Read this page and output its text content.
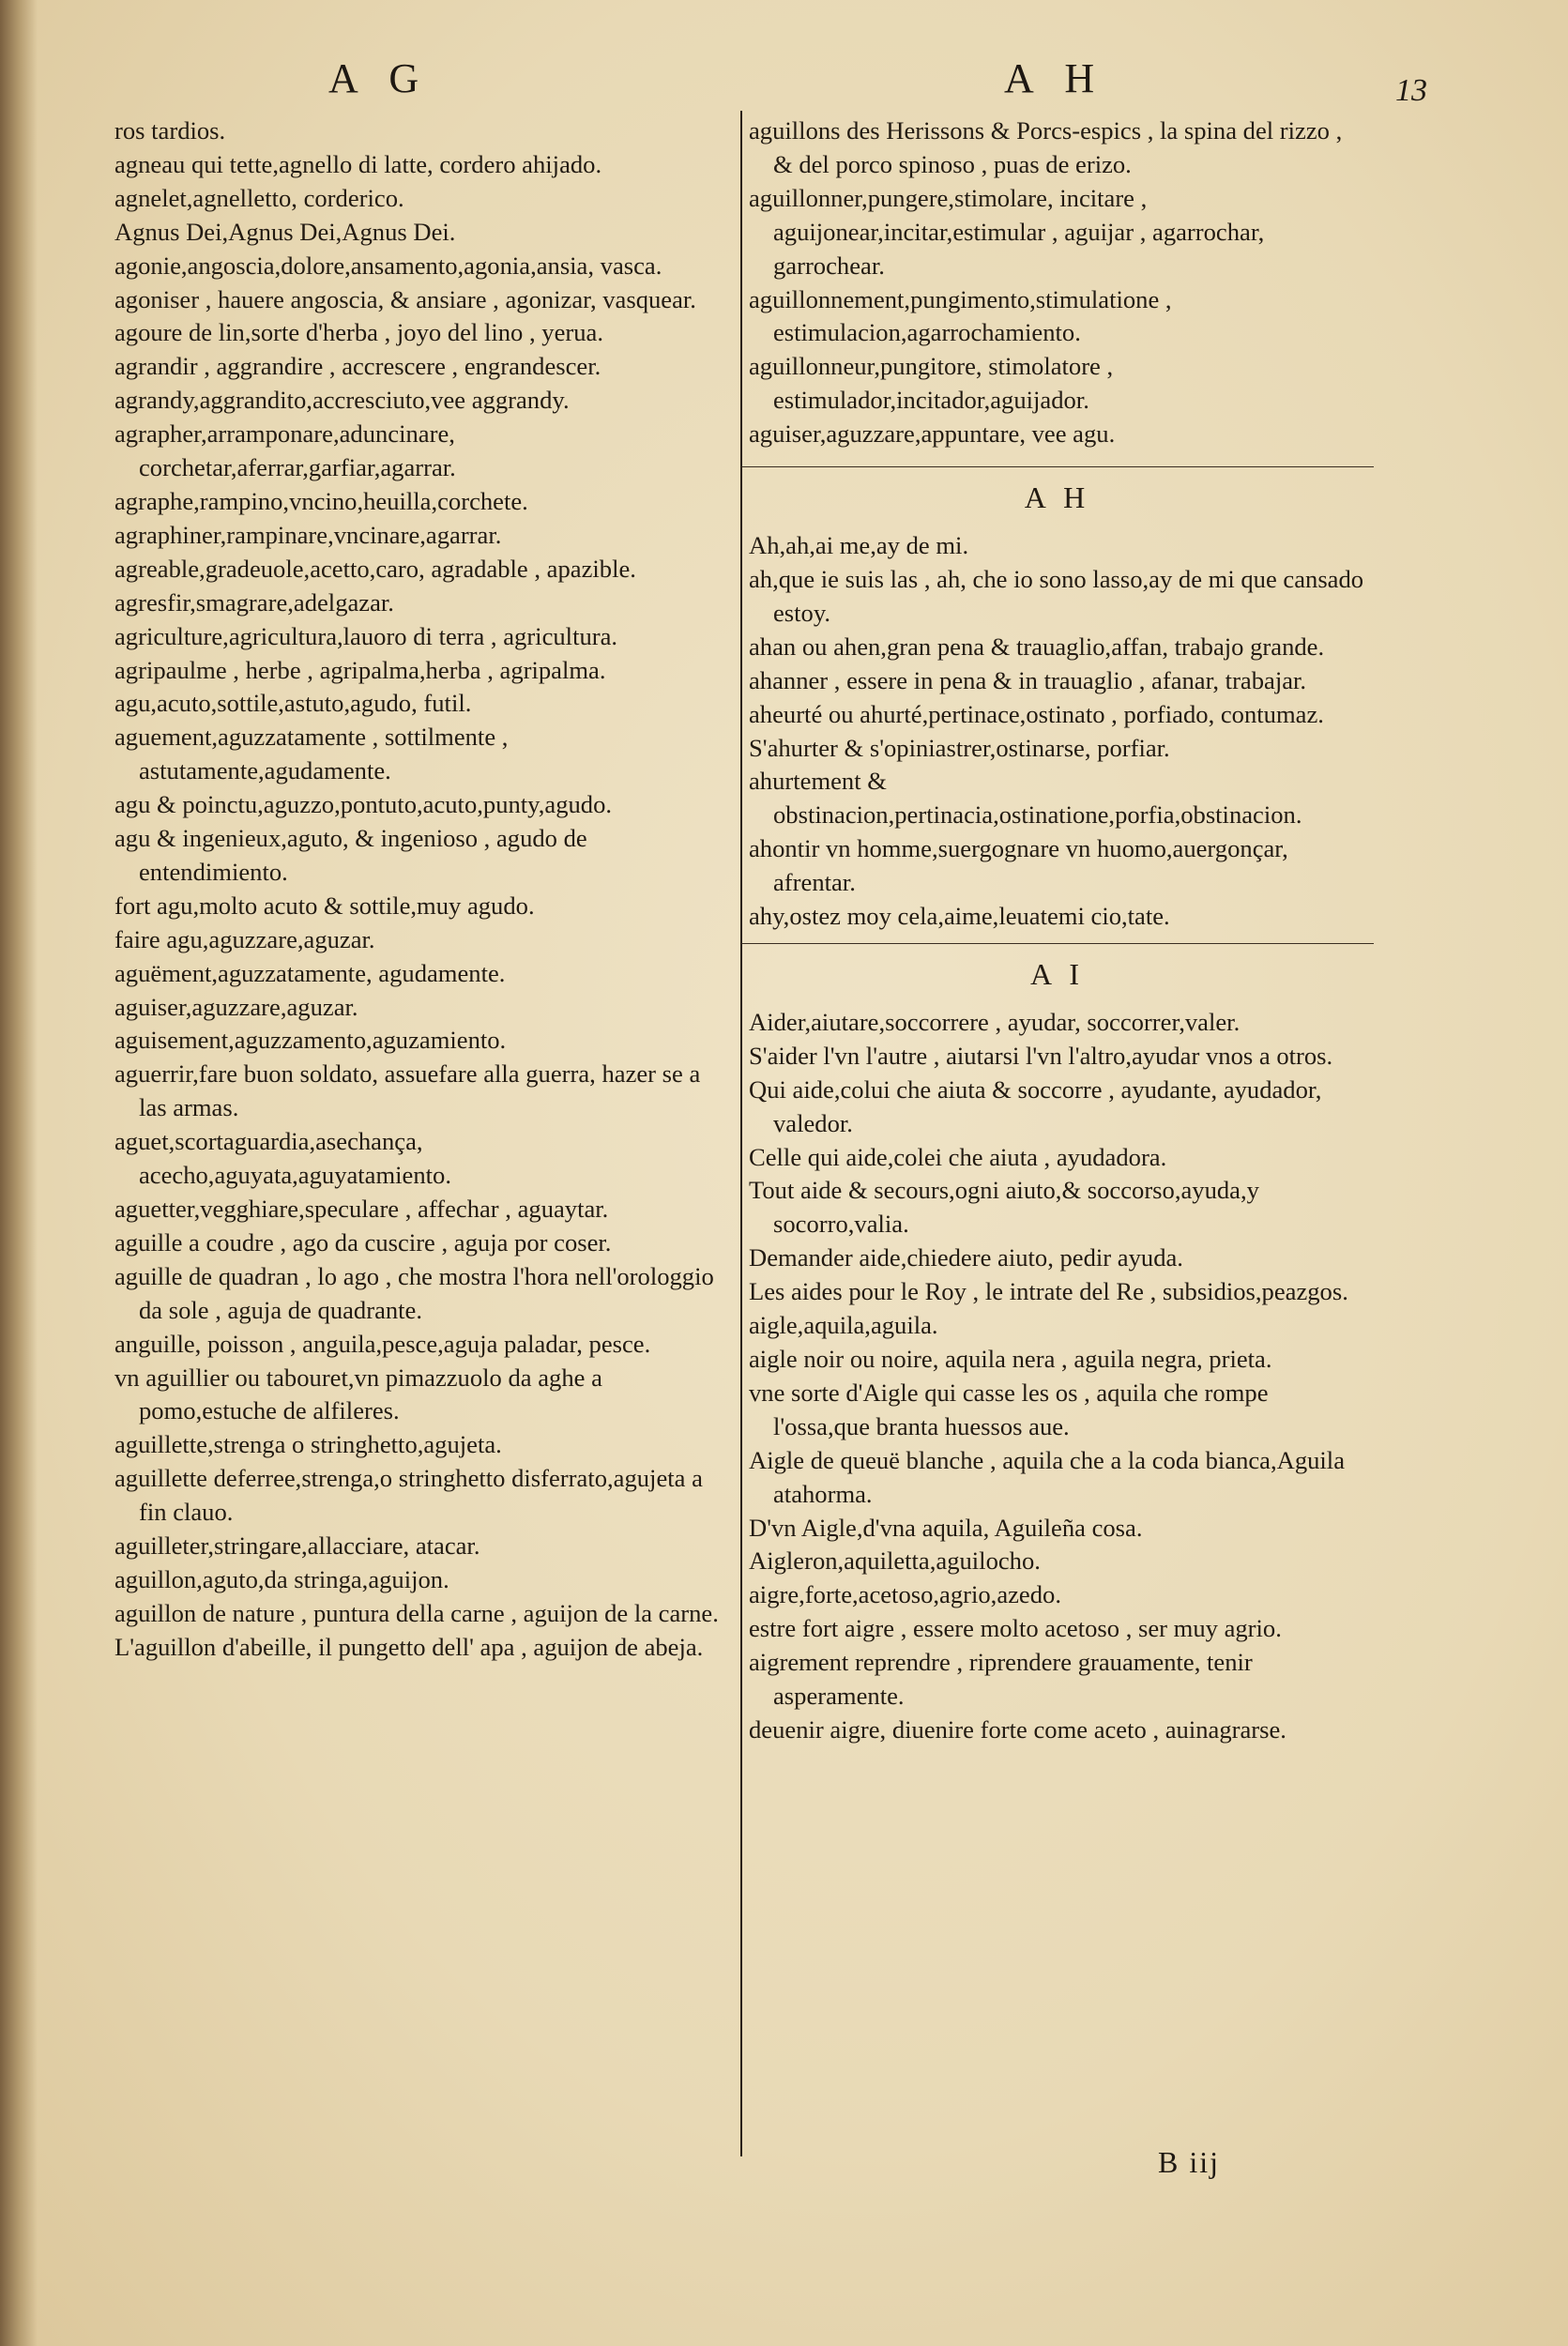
A G	A H	13
ros tardios.
agneau qui tette,agnello di latte, cordero ahijado.
agnelet,agnelletto, corderico.
Agnus Dei,Agnus Dei,Agnus Dei.
agonie,angoscia,dolore,ansamento,agonia,ansia, vasca.
agoniser , hauere angoscia, & ansiare , agonizar, vasquear.
agoure de lin,sorte d'herba , joyo del lino , yerua.
agrandir , aggrandire , accrescere , engrandescer.
agrandy,aggrandito,accresciuto,vee aggrandy.
agrapher,arramponare,aduncinare, corchetar,aferrar,garfiar,agarrar.
agraphe,rampino,vncino,heuilla,corchete.
agraphiner,rampinare,vncinare,agarrar.
agreable,gradeuole,acetto,caro, agradable , apazible.
agresfir,smagrare,adelgazar.
agriculture,agricultura,lauoro di terra , agricultura.
agripaulme , herbe , agripalma,herba , agripalma.
agu,acuto,sottile,astuto,agudo, futil.
aguement,aguzzatamente , sottilmente , astutamente,agudamente.
agu & poinctu,aguzzo,pontuto,acuto,punty,agudo.
agu & ingenieux,aguto, & ingenioso , agudo de entendimiento.
fort agu,molto acuto & sottile,muy agudo.
faire agu,aguzzare,aguzar.
aguëment,aguzzatamente, agudamente.
aguiser,aguzzare,aguzar.
aguisement,aguzzamento,aguzamiento.
aguerrir,fare buon soldato, assuefare alla guerra, hazer se a las armas.
aguet,scortaguardia,asechança, acecho,aguyata,aguyatamiento.
aguetter,vegghiare,speculare , affechar , aguaytar.
aguille a coudre , ago da cuscire , aguja por coser.
aguille de quadran , lo ago , che mostra l'hora nell'orologgio da sole , aguja de quadrante.
anguille, poisson , anguila,pesce,aguja paladar, pesce.
vn aguillier ou tabouret,vn pimazzuolo da aghe a pomo,estuche de alfileres.
aguillette,strenga o stringhetto,agujeta.
aguillette deferree,strenga,o stringhetto disferrato,agujeta a fin clauo.
aguilleter,stringare,allacciare, atacar.
aguillon,aguto,da stringa,aguijon.
aguillon de nature , puntura della carne , aguijon de la carne.
L'aguillon d'abeille, il pungetto dell' apa , aguijon de abeja.
aguillons des Herissons & Porcs-espics , la spina del rizzo , & del porco spinoso , puas de erizo.
aguillonner,pungere,stimolare, incitare , aguijonear,incitar,estimular , aguijar , agarrochar, garrochear.
aguillonnement,pungimento,stimulatione , estimulacion,agarrochamiento.
aguillonneur,pungitore, stimolatore , estimulador,incitador,aguijador.
aguiser,aguzzare,appuntare, vee agu.
A H
Ah,ah,ai me,ay de mi.
ah,que ie suis las , ah, che io sono lasso,ay de mi que cansado estoy.
ahan ou ahen,gran pena & trauaglio,affan, trabajo grande.
ahanner , essere in pena & in trauaglio , afanar, trabajar.
aheurté ou ahurté,pertinace,ostinato , porfiado, contumaz.
S'ahurter & s'opiniastrer,ostinarse, porfiar.
ahurtement & obstinacion,pertinacia,ostinatione,porfia,obstinacion.
ahontir vn homme,suergognare vn huomo,auergonçar, afrentar.
ahy,ostez moy cela,aime,leuatemi cio,tate.
A I
Aider,aiutare,soccorrere , ayudar, soccorrer,valer.
S'aider l'vn l'autre , aiutarsi l'vn l'altro,ayudar vnos a otros.
Qui aide,colui che aiuta & soccorre , ayudante, ayudador, valedor.
Celle qui aide,colei che aiuta , ayudadora.
Tout aide & secours,ogni aiuto,& soccorso,ayuda,y socorro,valia.
Demander aide,chiedere aiuto, pedir ayuda.
Les aides pour le Roy , le intrate del Re , subsidios,peazgos.
aigle,aquila,aguila.
aigle noir ou noire, aquila nera , aguila negra, prieta.
vne sorte d'Aigle qui casse les os , aquila che rompe l'ossa,que branta huessos aue.
Aigle de queuë blanche , aquila che a la coda bianca,Aguila atahorma.
D'vn Aigle,d'vna aquila, Aguileña cosa.
Aigleron,aquiletta,aguilocho.
aigre,forte,acetoso,agrio,azedo.
estre fort aigre , essere molto acetoso , ser muy agrio.
aigrement reprendre , riprendere grauamente, tenir asperamente.
deuenir aigre, diuenire forte come aceto , auinagrarse.
B iij
